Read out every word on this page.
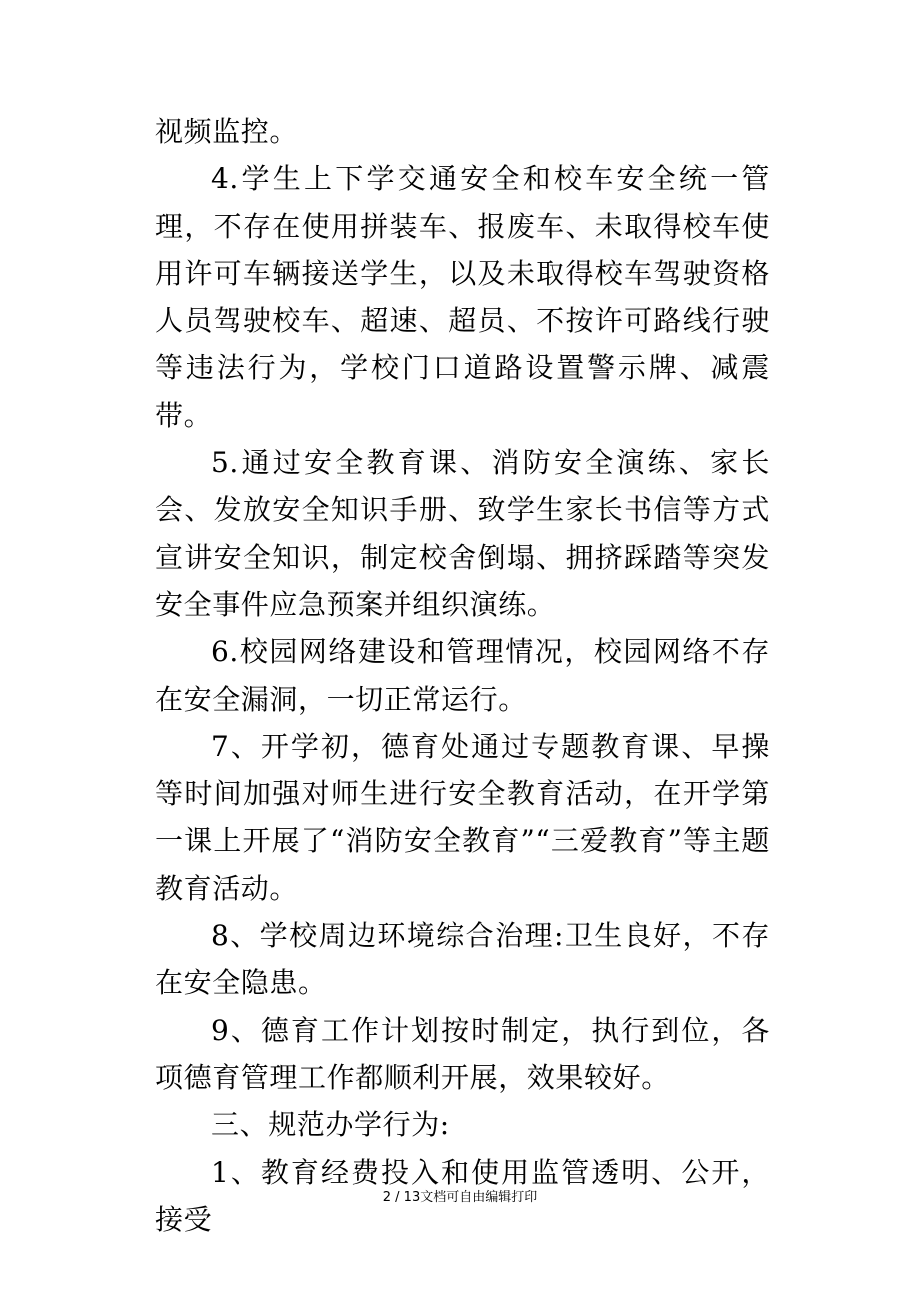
视频监控。

4.学生上下学交通安全和校车安全统一管理，不存在使用拼装车、报废车、未取得校车使用许可车辆接送学生，以及未取得校车驾驶资格人员驾驶校车、超速、超员、不按许可路线行驶等违法行为，学校门口道路设置警示牌、减震带。

5.通过安全教育课、消防安全演练、家长会、发放安全知识手册、致学生家长书信等方式宣讲安全知识，制定校舍倒塌、拥挤踩踏等突发安全事件应急预案并组织演练。

6.校园网络建设和管理情况，校园网络不存在安全漏洞，一切正常运行。

7、开学初，德育处通过专题教育课、早操等时间加强对师生进行安全教育活动，在开学第一课上开展了“消防安全教育”“三爱教育”等主题教育活动。

8、学校周边环境综合治理:卫生良好，不存在安全隐患。

9、德育工作计划按时制定，执行到位，各项德育管理工作都顺利开展，效果较好。

三、规范办学行为:

1、教育经费投入和使用监管透明、公开，接受

2 / 13文档可自由编辑打印
